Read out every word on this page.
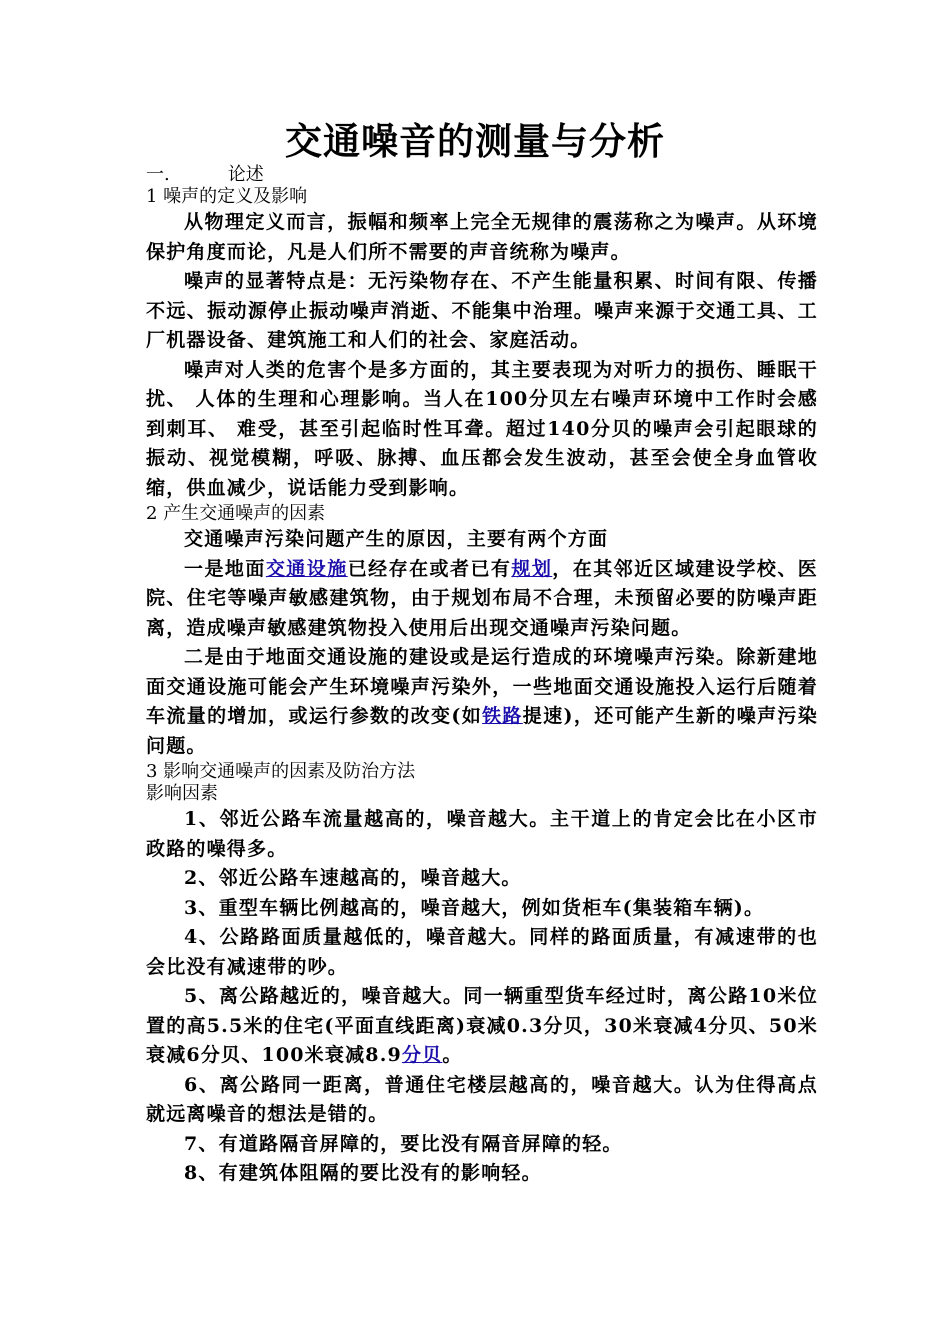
交通噪音的测量与分析
一.	论述
1 噪声的定义及影响

从物理定义而言，振幅和频率上完全无规律的震荡称之为噪声。从环境保护角度而论，凡是人们所不需要的声音统称为噪声。

噪声的显著特点是：无污染物存在、不产生能量积累、时间有限、传播不远、振动源停止振动噪声消逝、不能集中治理。噪声来源于交通工具、工厂机器设备、建筑施工和人们的社会、家庭活动。

噪声对人类的危害个是多方面的，其主要表现为对听力的损伤、睡眠干扰、 人体的生理和心理影响。当人在100分贝左右噪声环境中工作时会感到刺耳、 难受，甚至引起临时性耳聋。超过140分贝的噪声会引起眼球的振动、视觉模糊，呼吸、脉搏、血压都会发生波动，甚至会使全身血管收缩，供血减少，说话能力受到影响。

2 产生交通噪声的因素

交通噪声污染问题产生的原因，主要有两个方面

一是地面交通设施已经存在或者已有规划，在其邻近区域建设学校、医院、住宅等噪声敏感建筑物，由于规划布局不合理，未预留必要的防噪声距离，造成噪声敏感建筑物投入使用后出现交通噪声污染问题。

二是由于地面交通设施的建设或是运行造成的环境噪声污染。除新建地面交通设施可能会产生环境噪声污染外，一些地面交通设施投入运行后随着车流量的增加，或运行参数的改变(如铁路提速)，还可能产生新的噪声污染问题。

3 影响交通噪声的因素及防治方法
影响因素

1、邻近公路车流量越高的，噪音越大。主干道上的肯定会比在小区市政路的噪得多。

2、邻近公路车速越高的，噪音越大。

3、重型车辆比例越高的，噪音越大，例如货柜车(集装箱车辆)。

4、公路路面质量越低的，噪音越大。同样的路面质量，有减速带的也会比没有减速带的吵。

5、离公路越近的，噪音越大。同一辆重型货车经过时，离公路10米位置的高5.5米的住宅(平面直线距离)衰减0.3分贝，30米衰减4分贝、50米衰减6分贝、100米衰减8.9分贝。

6、离公路同一距离，普通住宅楼层越高的，噪音越大。认为住得高点就远离噪音的想法是错的。

7、有道路隔音屏障的，要比没有隔音屏障的轻。

8、有建筑体阻隔的要比没有的影响轻。
